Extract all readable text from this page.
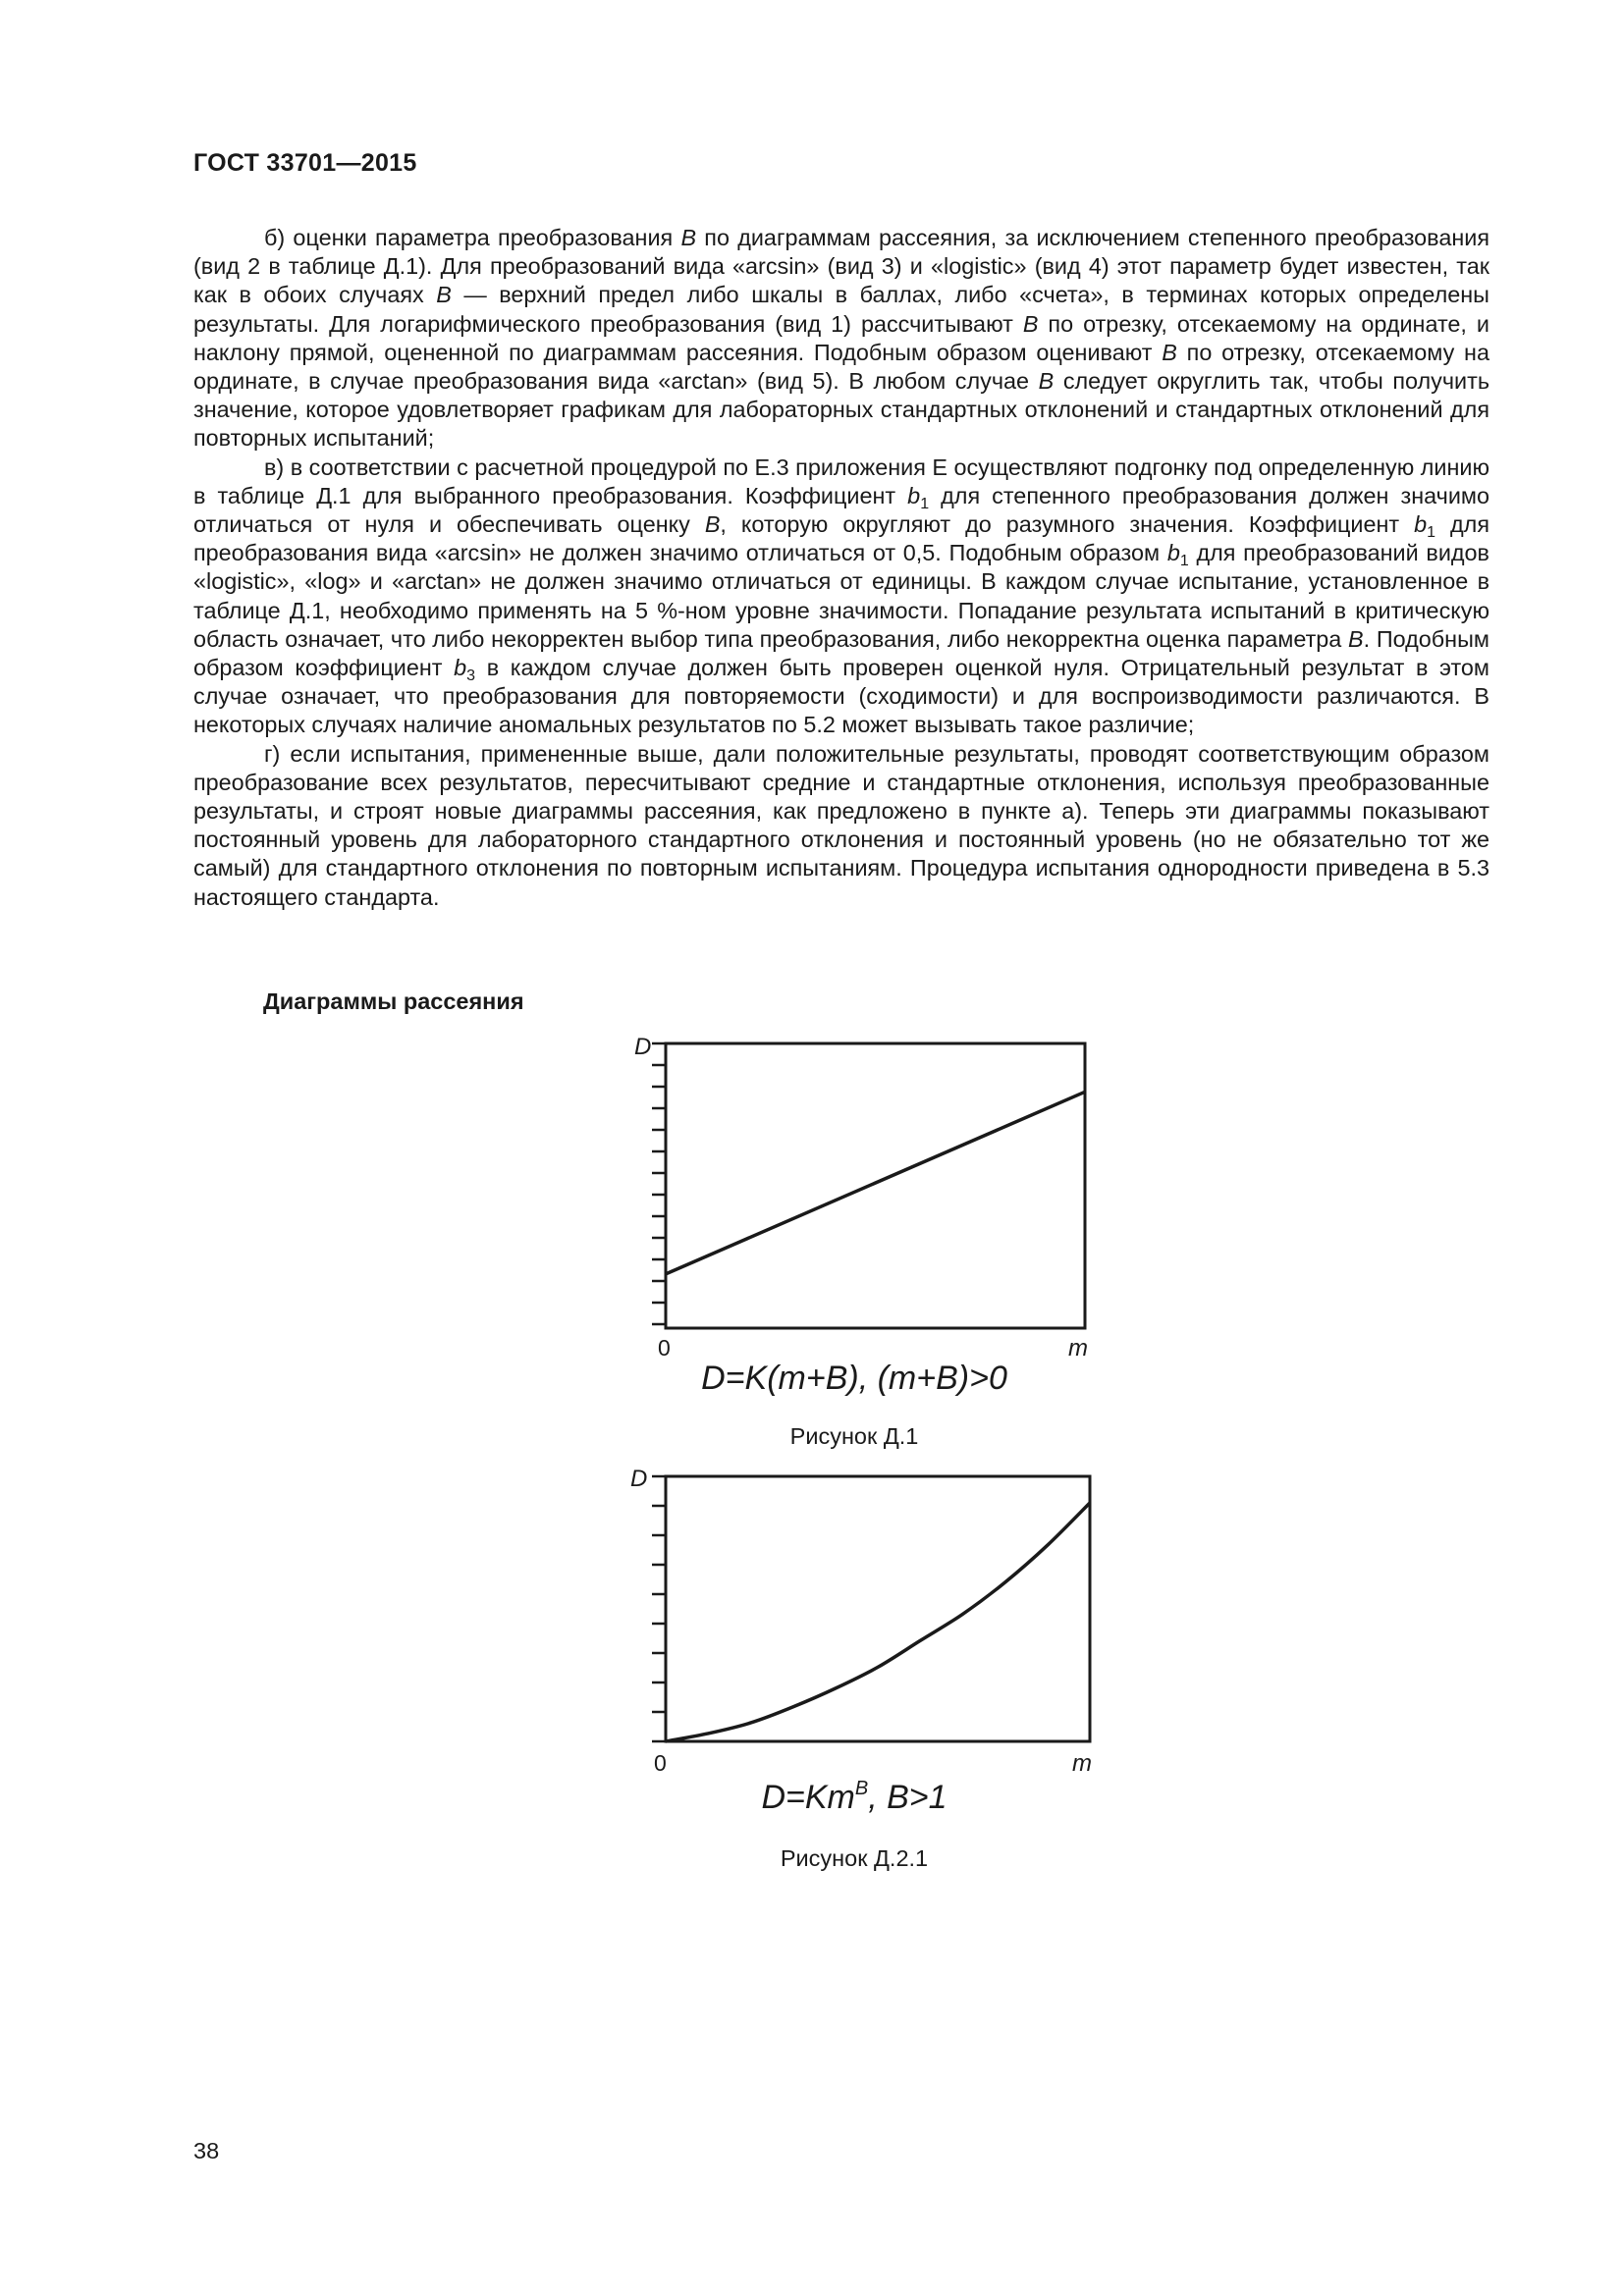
ГОСТ 33701—2015

б) оценки параметра преобразования B по диаграммам рассеяния, за исключением степенного преобразования (вид 2 в таблице Д.1). Для преобразований вида «arcsin» (вид 3) и «logistic» (вид 4) этот параметр будет известен, так как в обоих случаях B — верхний предел либо шкалы в баллах, либо «счета», в терминах которых определены результаты. Для логарифмического преобразования (вид 1) рассчитывают B по отрезку, отсекаемому на ординате, и наклону прямой, оцененной по диаграммам рассеяния. Подобным образом оценивают B по отрезку, отсекаемому на ординате, в случае преобразования вида «arctan» (вид 5). В любом случае B следует округлить так, чтобы получить значение, которое удовлетворяет графикам для лабораторных стандартных отклонений и стандартных отклонений для повторных испытаний;

в) в соответствии с расчетной процедурой по Е.3 приложения Е осуществляют подгонку под определенную линию в таблице Д.1 для выбранного преобразования. Коэффициент $b_1$ для степенного преобразования должен значимо отличаться от нуля и обеспечивать оценку B, которую округляют до разумного значения. Коэффициент $b_1$ для преобразования вида «arcsin» не должен значимо отличаться от 0,5. Подобным образом $b_1$ для преобразований видов «logistic», «log» и «arctan» не должен значимо отличаться от единицы. В каждом случае испытание, установленное в таблице Д.1, необходимо применять на 5 %-ном уровне значимости. Попадание результата испытаний в критическую область означает, что либо некорректен выбор типа преобразования, либо некорректна оценка параметра B. Подобным образом коэффициент $b_3$ в каждом случае должен быть проверен оценкой нуля. Отрицательный результат в этом случае означает, что преобразования для повторяемости (сходимости) и для воспроизводимости различаются. В некоторых случаях наличие аномальных результатов по 5.2 может вызывать такое различие;

г) если испытания, примененные выше, дали положительные результаты, проводят соответствующим образом преобразование всех результатов, пересчитывают средние и стандартные отклонения, используя преобразованные результаты, и строят новые диаграммы рассеяния, как предложено в пункте а). Теперь эти диаграммы показывают постоянный уровень для лабораторного стандартного отклонения и постоянный уровень (но не обязательно тот же самый) для стандартного отклонения по повторным испытаниям. Процедура испытания однородности приведена в 5.3 настоящего стандарта.

Диаграммы рассеяния
D
0	m
D=K(m+B), (m+B)>0
Рисунок Д.1
D
0	m
$D=Km^B$, B>1
Рисунок Д.2.1
38
